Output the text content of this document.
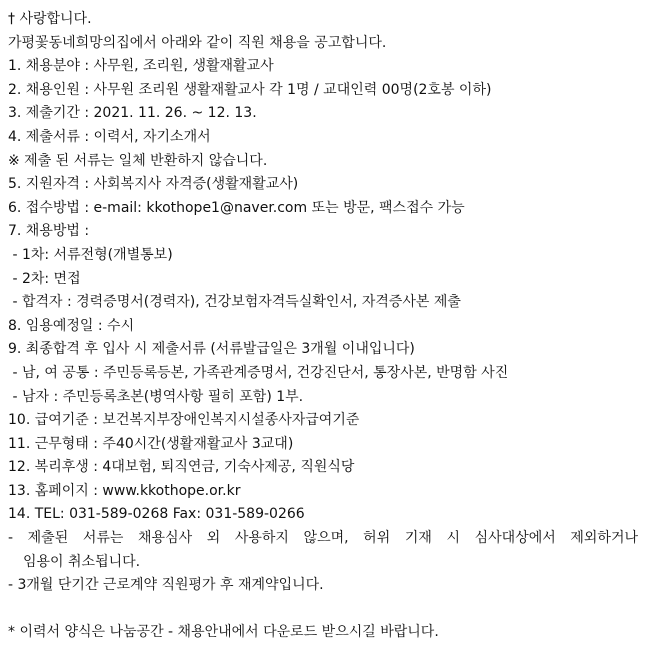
† 사랑합니다.
가평꽃동네희망의집에서 아래와 같이 직원 채용을 공고합니다.
1. 채용분야 : 사무원, 조리원, 생활재활교사
2. 채용인원 : 사무원 조리원 생활재활교사 각 1명 / 교대인력 00명(2호봉 이하)
3. 제출기간 : 2021. 11. 26. ~ 12. 13.
4. 제출서류 : 이력서, 자기소개서
※ 제출 된 서류는 일체 반환하지 않습니다.
5. 지원자격 : 사회복지사 자격증(생활재활교사)
6. 접수방법 : e-mail: kkothope1@naver.com 또는 방문, 팩스접수 가능
7. 채용방법 :
- 1차: 서류전형(개별통보)
- 2차: 면접
- 합격자 : 경력증명서(경력자), 건강보험자격득실확인서, 자격증사본 제출
8. 임용예정일 : 수시
9. 최종합격 후 입사 시 제출서류 (서류발급일은 3개월 이내입니다)
- 남, 여 공통 : 주민등록등본, 가족관계증명서, 건강진단서, 통장사본, 반명함 사진
- 남자 : 주민등록초본(병역사항 필히 포함) 1부.
10. 급여기준 : 보건복지부장애인복지시설종사자급여기준
11. 근무형태 : 주40시간(생활재활교사 3교대)
12. 복리후생 : 4대보험, 퇴직연금, 기숙사제공, 직원식당
13. 홈페이지 : www.kkothope.or.kr
14. TEL: 031-589-0268 Fax: 031-589-0266
- 제출된 서류는 채용심사 외 사용하지 않으며, 허위 기재 시 심사대상에서 제외하거나
임용이 취소됩니다.
- 3개월 단기간 근로계약 직원평가 후 재계약입니다.
* 이력서 양식은 나눔공간 - 채용안내에서 다운로드 받으시길 바랍니다.
